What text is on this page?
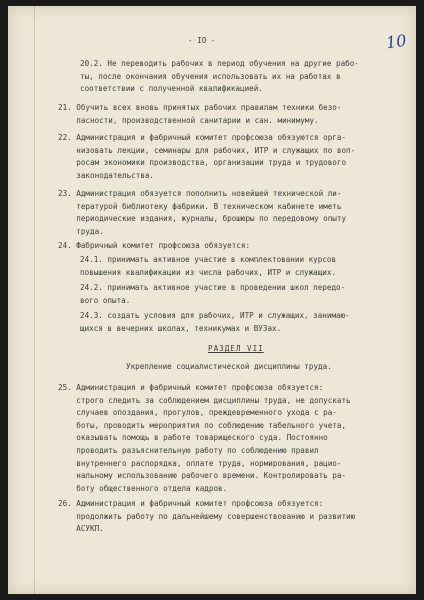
- IO -	10
20.2. Не переводить рабочих в период обучения на другие рабо-
ты, после окончания обучения использовать их на работах в
соответствии с полученной квалификацией.
21. Обучить всех вновь принятых рабочих правилам техники безо-
пасности, производственной санитарии и сан. минимуму.
22. Администрация и фабричный комитет профсоюза обязуются орга-
низовать лекции, семинары для рабочих, ИТР и служащих по воп-
росам экономики производства, организации труда и трудового
законодательства.
23. Администрация обязуется пополнить новейшей технической ли-
тературой библиотеку фабрики. В техническом кабинете иметь
периодические издания, журналы, брошюры по передовому опыту
труда.
24. Фабричный комитет профсоюза обязуется:
24.1. принимать активное участие в комплектовании курсов
повышения квалификации из числа рабочих, ИТР и служащих.
24.2. принимать активное участие в проведении школ передо-
вого опыта.
24.3. создать условия для рабочих, ИТР и служащих, занимаю-
щихся в вечерних школах, техникумах и ВУЗах.
РАЗДЕЛ VII
Укрепление социалистической дисциплины труда.
25. Администрация и фабричный комитет профсоюза обязуется:
строго следить за соблюдением дисциплины труда, не допускать
случаев опоздания, прогулов, преждевременного ухода с ра-
боты, проводить мероприятия по соблюдению табельного учета,
оказывать помощь в работе товарищеского суда. Постоянно
проводить разъяснительную работу по соблюдению правил
внутреннего распорядка, оплате труда, нормирования, рацио-
нальному использованию рабочего времени. Контролировать ра-
боту общественного отдела кадров.
26. Администрация и фабричный комитет профсоюза обязуется:
продолжить работу по дальнейшему совершенствованию и развитию
АСУКП.
